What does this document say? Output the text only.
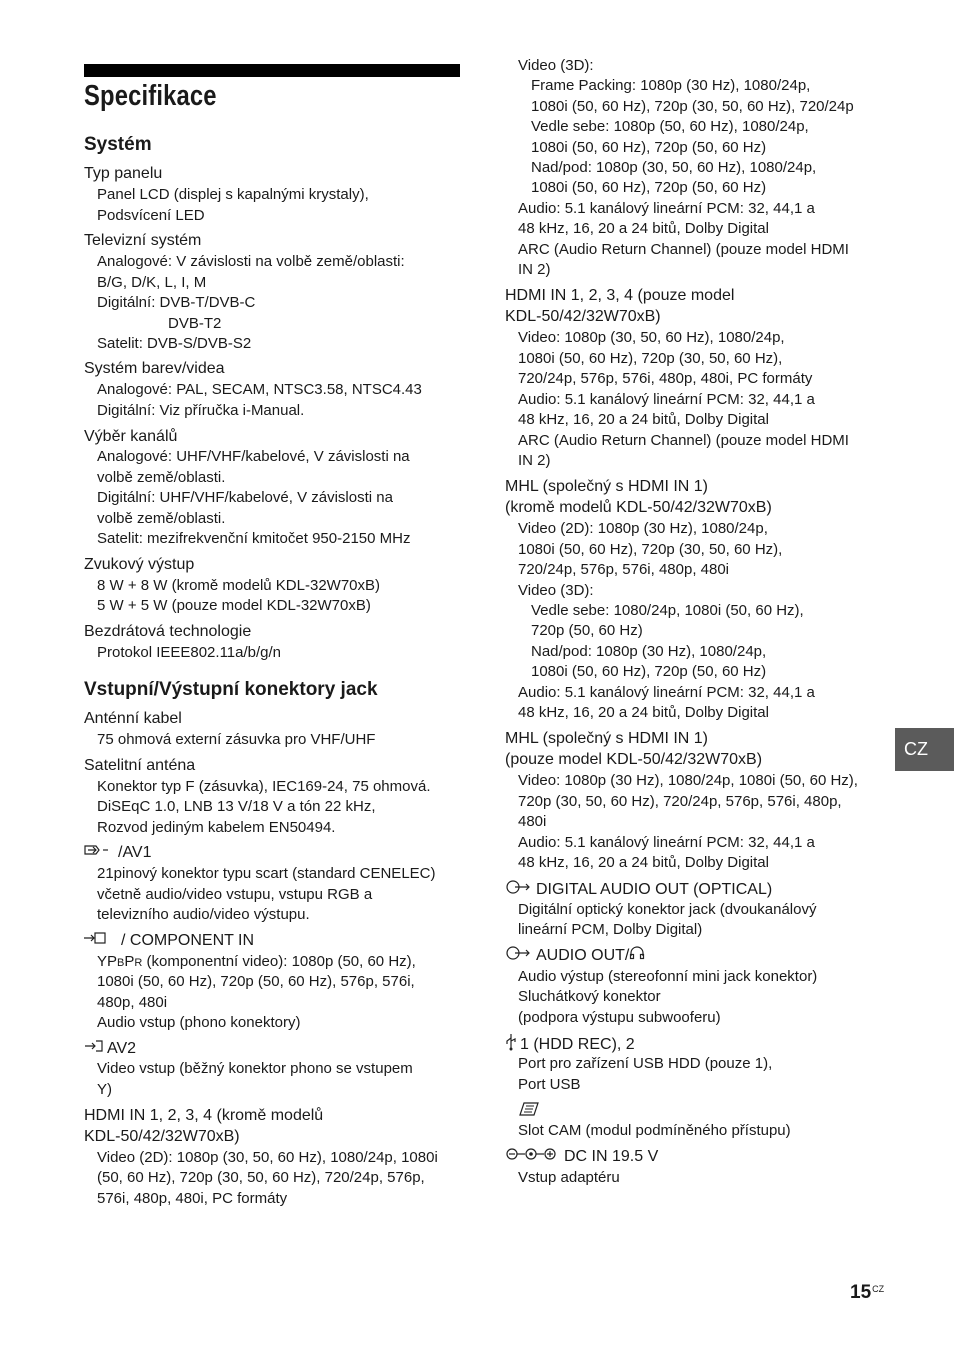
Specifikace
Systém
Typ panelu
Panel LCD (displej s kapalnými krystaly),
Podsvícení LED
Televizní systém
Analogové: V závislosti na volbě země/oblasti:
B/G, D/K, L, I, M
Digitální: DVB-T/DVB-C
DVB-T2
Satelit: DVB-S/DVB-S2
Systém barev/videa
Analogové: PAL, SECAM, NTSC3.58, NTSC4.43
Digitální: Viz příručka i-Manual.
Výběr kanálů
Analogové: UHF/VHF/kabelové, V závislosti na
volbě země/oblasti.
Digitální: UHF/VHF/kabelové, V závislosti na
volbě země/oblasti.
Satelit: mezifrekvenční kmitočet 950-2150 MHz
Zvukový výstup
8 W + 8 W (kromě modelů KDL-32W70xB)
5 W + 5 W (pouze model KDL-32W70xB)
Bezdrátová technologie
Protokol IEEE802.11a/b/g/n
Vstupní/Výstupní konektory jack
Anténní kabel
75 ohmová externí zásuvka pro VHF/UHF
Satelitní anténa
Konektor typ F (zásuvka), IEC169-24, 75 ohmová.
DiSEqC 1.0, LNB 13 V/18 V a tón 22 kHz,
Rozvod jediným kabelem EN50494.
/AV1
21pinový konektor typu scart (standard CENELEC)
včetně audio/video vstupu, vstupu RGB a
televizního audio/video výstupu.
/ COMPONENT IN
YPBPR (komponentní video): 1080p (50, 60 Hz),
1080i (50, 60 Hz), 720p (50, 60 Hz), 576p, 576i,
480p, 480i
Audio vstup (phono konektory)
AV2
Video vstup (běžný konektor phono se vstupem
Y)
HDMI IN 1, 2, 3, 4 (kromě modelů
KDL-50/42/32W70xB)
Video (2D): 1080p (30, 50, 60 Hz), 1080/24p, 1080i
(50, 60 Hz), 720p (30, 50, 60 Hz), 720/24p, 576p,
576i, 480p, 480i, PC formáty
Video (3D):
Frame Packing: 1080p (30 Hz), 1080/24p,
1080i (50, 60 Hz), 720p (30, 50, 60 Hz), 720/24p
Vedle sebe: 1080p (50, 60 Hz), 1080/24p,
1080i (50, 60 Hz), 720p (50, 60 Hz)
Nad/pod: 1080p (30, 50, 60 Hz), 1080/24p,
1080i (50, 60 Hz), 720p (50, 60 Hz)
Audio: 5.1 kanálový lineární PCM: 32, 44,1 a
48 kHz, 16, 20 a 24 bitů, Dolby Digital
ARC (Audio Return Channel) (pouze model HDMI
IN 2)
HDMI IN 1, 2, 3, 4 (pouze model
KDL-50/42/32W70xB)
Video: 1080p (30, 50, 60 Hz), 1080/24p,
1080i (50, 60 Hz), 720p (30, 50, 60 Hz),
720/24p, 576p, 576i, 480p, 480i, PC formáty
Audio: 5.1 kanálový lineární PCM: 32, 44,1 a
48 kHz, 16, 20 a 24 bitů, Dolby Digital
ARC (Audio Return Channel) (pouze model HDMI
IN 2)
MHL (společný s HDMI IN 1)
(kromě modelů KDL-50/42/32W70xB)
Video (2D): 1080p (30 Hz), 1080/24p,
1080i (50, 60 Hz), 720p (30, 50, 60 Hz),
720/24p, 576p, 576i, 480p, 480i
Video (3D):
Vedle sebe: 1080/24p, 1080i (50, 60 Hz),
720p (50, 60 Hz)
Nad/pod: 1080p (30 Hz), 1080/24p,
1080i (50, 60 Hz), 720p (50, 60 Hz)
Audio: 5.1 kanálový lineární PCM: 32, 44,1 a
48 kHz, 16, 20 a 24 bitů, Dolby Digital
MHL (společný s HDMI IN 1)
(pouze model KDL-50/42/32W70xB)
Video: 1080p (30 Hz), 1080/24p, 1080i (50, 60 Hz),
720p (30, 50, 60 Hz), 720/24p, 576p, 576i, 480p,
480i
Audio: 5.1 kanálový lineární PCM: 32, 44,1 a
48 kHz, 16, 20 a 24 bitů, Dolby Digital
DIGITAL AUDIO OUT (OPTICAL)
Digitální optický konektor jack (dvoukanálový
lineární PCM, Dolby Digital)
AUDIO OUT/
Audio výstup (stereofonní mini jack konektor)
Sluchátkový konektor
(podpora výstupu subwooferu)
1 (HDD REC), 2
Port pro zařízení USB HDD (pouze 1),
Port USB
Slot CAM (modul podmíněného přístupu)
DC IN 19.5 V
Vstup adaptéru
CZ
$15^{CZ}$
